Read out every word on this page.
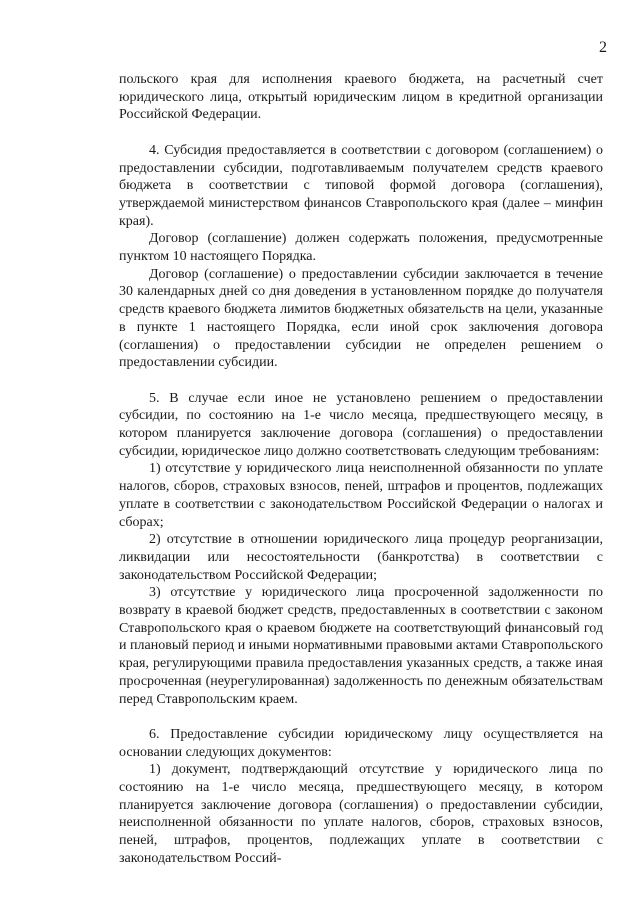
2

польского края для исполнения краевого бюджета, на расчетный счет юридического лица, открытый юридическим лицом в кредитной организации Российской Федерации.

4. Субсидия предоставляется в соответствии с договором (соглашением) о предоставлении субсидии, подготавливаемым получателем средств краевого бюджета в соответствии с типовой формой договора (соглашения), утверждаемой министерством финансов Ставропольского края (далее – минфин края).

Договор (соглашение) должен содержать положения, предусмотренные пунктом 10 настоящего Порядка.

Договор (соглашение) о предоставлении субсидии заключается в течение 30 календарных дней со дня доведения в установленном порядке до получателя средств краевого бюджета лимитов бюджетных обязательств на цели, указанные в пункте 1 настоящего Порядка, если иной срок заключения договора (соглашения) о предоставлении субсидии не определен решением о предоставлении субсидии.

5. В случае если иное не установлено решением о предоставлении субсидии, по состоянию на 1-е число месяца, предшествующего месяцу, в котором планируется заключение договора (соглашения) о предоставлении субсидии, юридическое лицо должно соответствовать следующим требованиям:

1) отсутствие у юридического лица неисполненной обязанности по уплате налогов, сборов, страховых взносов, пеней, штрафов и процентов, подлежащих уплате в соответствии с законодательством Российской Федерации о налогах и сборах;

2) отсутствие в отношении юридического лица процедур реорганизации, ликвидации или несостоятельности (банкротства) в соответствии с законодательством Российской Федерации;

3) отсутствие у юридического лица просроченной задолженности по возврату в краевой бюджет средств, предоставленных в соответствии с законом Ставропольского края о краевом бюджете на соответствующий финансовый год и плановый период и иными нормативными правовыми актами Ставропольского края, регулирующими правила предоставления указанных средств, а также иная просроченная (неурегулированная) задолженность по денежным обязательствам перед Ставропольским краем.

6. Предоставление субсидии юридическому лицу осуществляется на основании следующих документов:

1) документ, подтверждающий отсутствие у юридического лица по состоянию на 1-е число месяца, предшествующего месяцу, в котором планируется заключение договора (соглашения) о предоставлении субсидии, неисполненной обязанности по уплате налогов, сборов, страховых взносов, пеней, штрафов, процентов, подлежащих уплате в соответствии с законодательством Россий-
